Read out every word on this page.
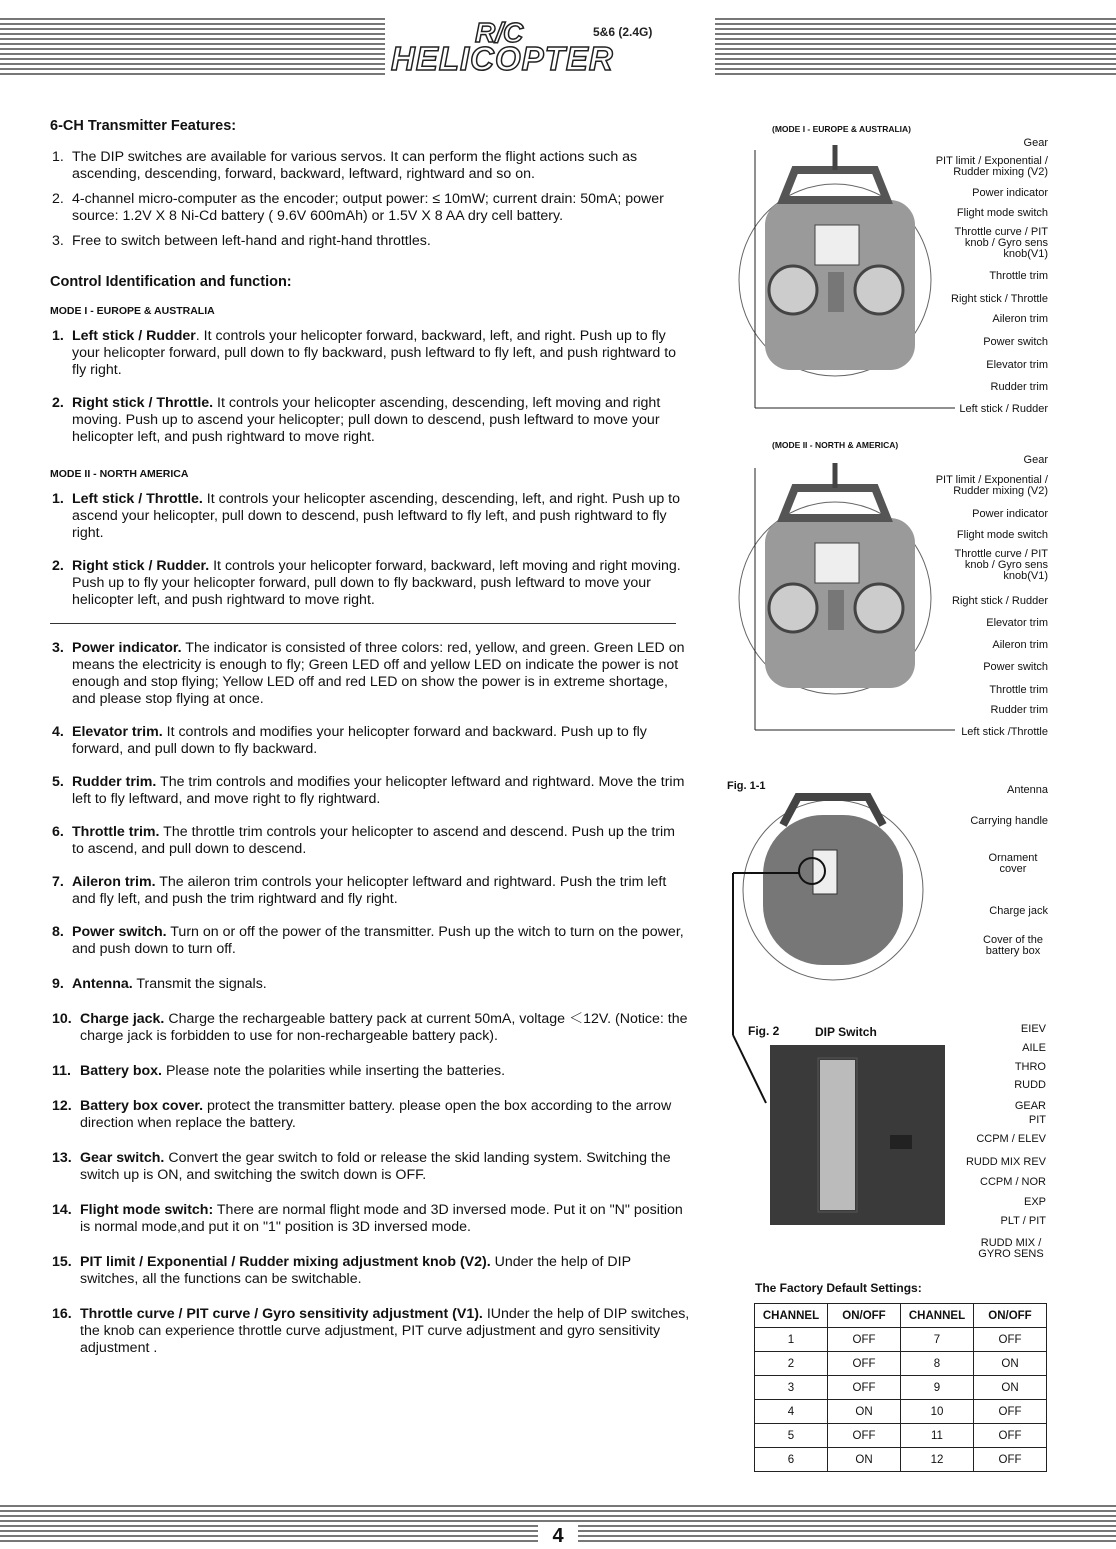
R/C	5&6 (2.4G)
HELICOPTER

6-CH Transmitter Features:

1. The DIP switches are available for various servos. It can perform the flight actions such as ascending, descending, forward, backward, leftward, rightward and so on.
2. 4-channel micro-computer as the encoder; output power: ≤ 10mW; current drain: 50mA; power source: 1.2V X 8 Ni-Cd battery ( 9.6V 600mAh) or 1.5V X 8 AA dry cell battery.
3. Free to switch between left-hand and right-hand throttles.

Control Identification and function:

MODE I - EUROPE & AUSTRALIA

1. Left stick / Rudder. It controls your helicopter forward, backward, left, and right. Push up to fly your helicopter forward, pull down to fly backward, push leftward to fly left, and push rightward to fly right.
2. Right stick / Throttle. It controls your helicopter ascending, descending, left moving and right moving. Push up to ascend your helicopter; pull down to descend, push leftward to move your helicopter left, and push rightward to move right.

MODE II - NORTH AMERICA

1. Left stick / Throttle. It controls your helicopter ascending, descending, left, and right. Push up to ascend your helicopter, pull down to descend, push leftward to fly left, and push rightward to fly right.
2. Right stick / Rudder. It controls your helicopter forward, backward, left moving and right moving. Push up to fly your helicopter forward, pull down to fly backward, push leftward to move your helicopter left, and push rightward to move right.
3. Power indicator. The indicator is consisted of three colors: red, yellow, and green. Green LED on means the electricity is enough to fly; Green LED off and yellow LED on indicate the power is not enough and stop flying; Yellow LED off and red LED on show the power is in extreme shortage, and please stop flying at once.
4. Elevator trim. It controls and modifies your helicopter forward and backward. Push up to fly forward, and pull down to fly backward.
5. Rudder trim. The trim controls and modifies your helicopter leftward and rightward. Move the trim left to fly leftward, and move right to fly rightward.
6. Throttle trim. The throttle trim controls your helicopter to ascend and descend. Push up the trim to ascend, and pull down to descend.
7. Aileron trim. The aileron trim controls your helicopter leftward and rightward. Push the trim left and fly left, and push the trim rightward and fly right.
8. Power switch. Turn on or off the power of the transmitter. Push up the witch to turn on the power, and push down to turn off.
9. Antenna. Transmit the signals.
10. Charge jack. Charge the rechargeable battery pack at current 50mA, voltage ＜12V. (Notice: the charge jack is forbidden to use for non-rechargeable battery pack).
11. Battery box. Please note the polarities while inserting the batteries.
12. Battery box cover. protect the transmitter battery. please open the box according to the arrow direction when replace the battery.
13. Gear switch. Convert the gear switch to fold or release the skid landing system. Switching the switch up is ON, and switching the switch down is OFF.
14. Flight mode switch: There are normal flight mode and 3D inversed mode. Put it on "N" position is normal mode,and put it on "1" position is 3D inversed mode.
15. PIT limit / Exponential / Rudder mixing adjustment knob (V2). Under the help of DIP switches, all the functions can be switchable.
16. Throttle curve / PIT curve / Gyro sensitivity adjustment (V1). IUnder the help of DIP switches, the knob can experience throttle curve adjustment, PIT curve adjustment and gyro sensitivity adjustment .
(MODE I - EUROPE & AUSTRALIA)
Gear
PIT limit / Exponential / Rudder mixing (V2)
Power indicator
Flight mode switch
Throttle curve / PIT knob / Gyro sens knob(V1)
Throttle trim
Right stick / Throttle
Aileron trim
Power switch
Elevator trim
Rudder trim
Left stick / Rudder
(MODE II - NORTH & AMERICA)
Gear
PIT limit / Exponential / Rudder mixing (V2)
Power indicator
Flight mode switch
Throttle curve / PIT knob / Gyro sens knob(V1)
Right stick / Rudder
Elevator trim
Aileron trim
Power switch
Throttle trim
Rudder trim
Left stick /Throttle
Fig. 1-1	Antenna
Carrying handle
Ornament cover
Charge jack
Cover of the battery box
Fig. 2	DIP Switch	EIEV
AILE
THRO
RUDD
GEAR
PIT
CCPM / ELEV
RUDD MIX REV
CCPM / NOR
EXP
PLT / PIT
RUDD MIX / GYRO SENS
The Factory Default Settings:
CHANNEL	ON/OFF	CHANNEL	ON/OFF
1	OFF	7	OFF
2	OFF	8	ON
3	OFF	9	ON
4	ON	10	OFF
5	OFF	11	OFF
6	ON	12	OFF
4
